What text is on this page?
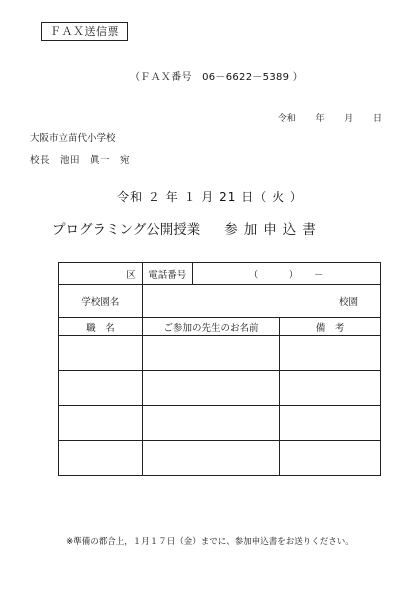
ＦＡＸ送信票
（ＦＡＸ番号　06－6622－5389 ）
令和 年 月 日
大阪市立苗代小学校
校長　池田　眞一　宛
令和 ２ 年 １ 月 21 日（ 火 ）
プログラミング公開授業 参加申込書
区	電話番号	（　　　）　　－	
学校園名	校園		
職　名	ご参加の先生のお名前		備　考

※準備の都合上，１月１７日（金）までに、参加申込書をお送りください。
